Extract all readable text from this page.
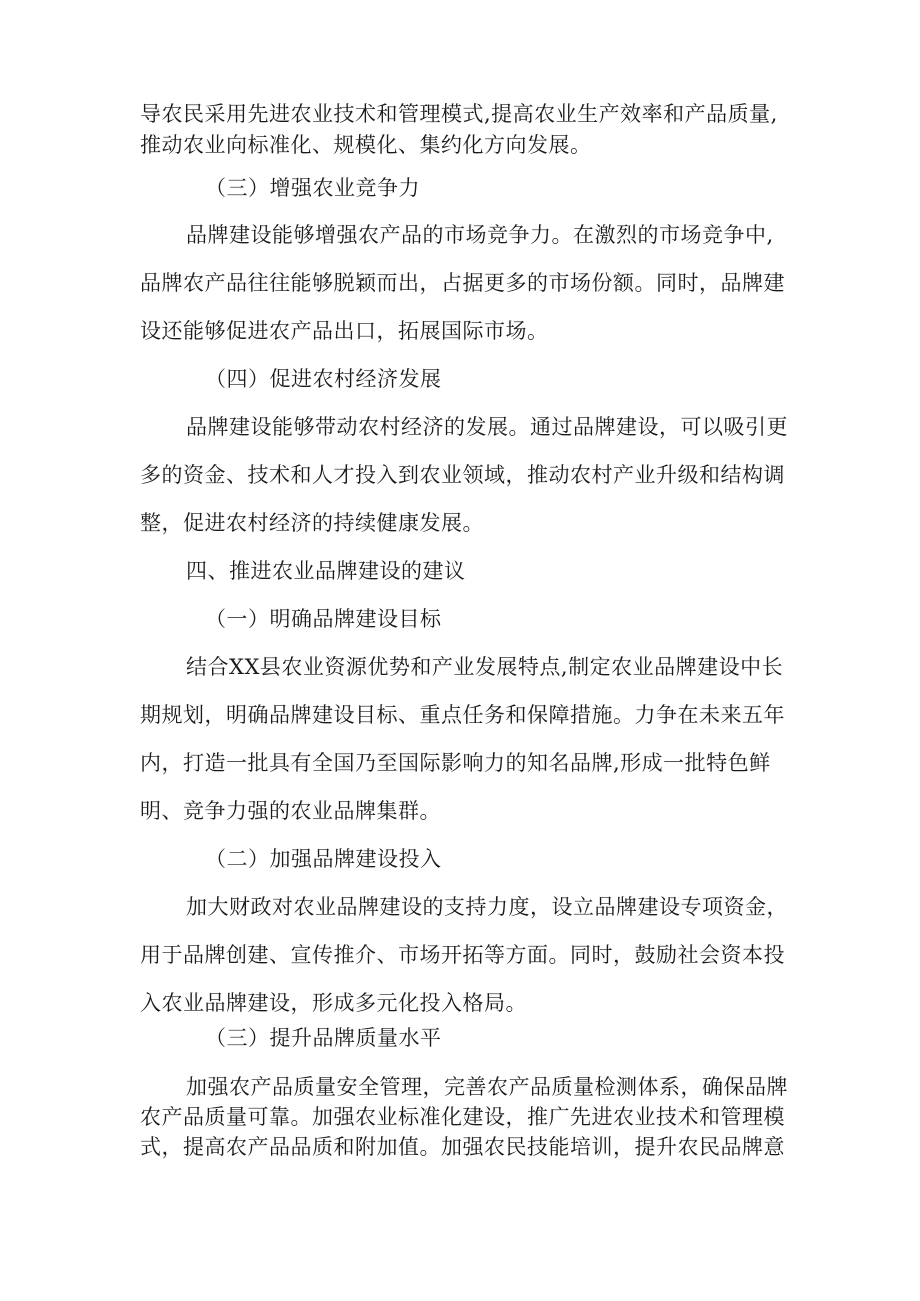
导农民采用先进农业技术和管理模式,提高农业生产效率和产品质量,
推动农业向标准化、规模化、集约化方向发展。
（三）增强农业竞争力
品牌建设能够增强农产品的市场竞争力。在激烈的市场竞争中,
品牌农产品往往能够脱颖而出，占据更多的市场份额。同时，品牌建
设还能够促进农产品出口，拓展国际市场。
（四）促进农村经济发展
品牌建设能够带动农村经济的发展。通过品牌建设，可以吸引更
多的资金、技术和人才投入到农业领域，推动农村产业升级和结构调
整，促进农村经济的持续健康发展。
四、推进农业品牌建设的建议
（一）明确品牌建设目标
结合XX县农业资源优势和产业发展特点,制定农业品牌建设中长
期规划，明确品牌建设目标、重点任务和保障措施。力争在未来五年
内，打造一批具有全国乃至国际影响力的知名品牌,形成一批特色鲜
明、竞争力强的农业品牌集群。
（二）加强品牌建设投入
加大财政对农业品牌建设的支持力度，设立品牌建设专项资金，
用于品牌创建、宣传推介、市场开拓等方面。同时，鼓励社会资本投
入农业品牌建设，形成多元化投入格局。
（三）提升品牌质量水平
加强农产品质量安全管理，完善农产品质量检测体系，确保品牌
农产品质量可靠。加强农业标准化建设，推广先进农业技术和管理模
式，提高农产品品质和附加值。加强农民技能培训，提升农民品牌意
